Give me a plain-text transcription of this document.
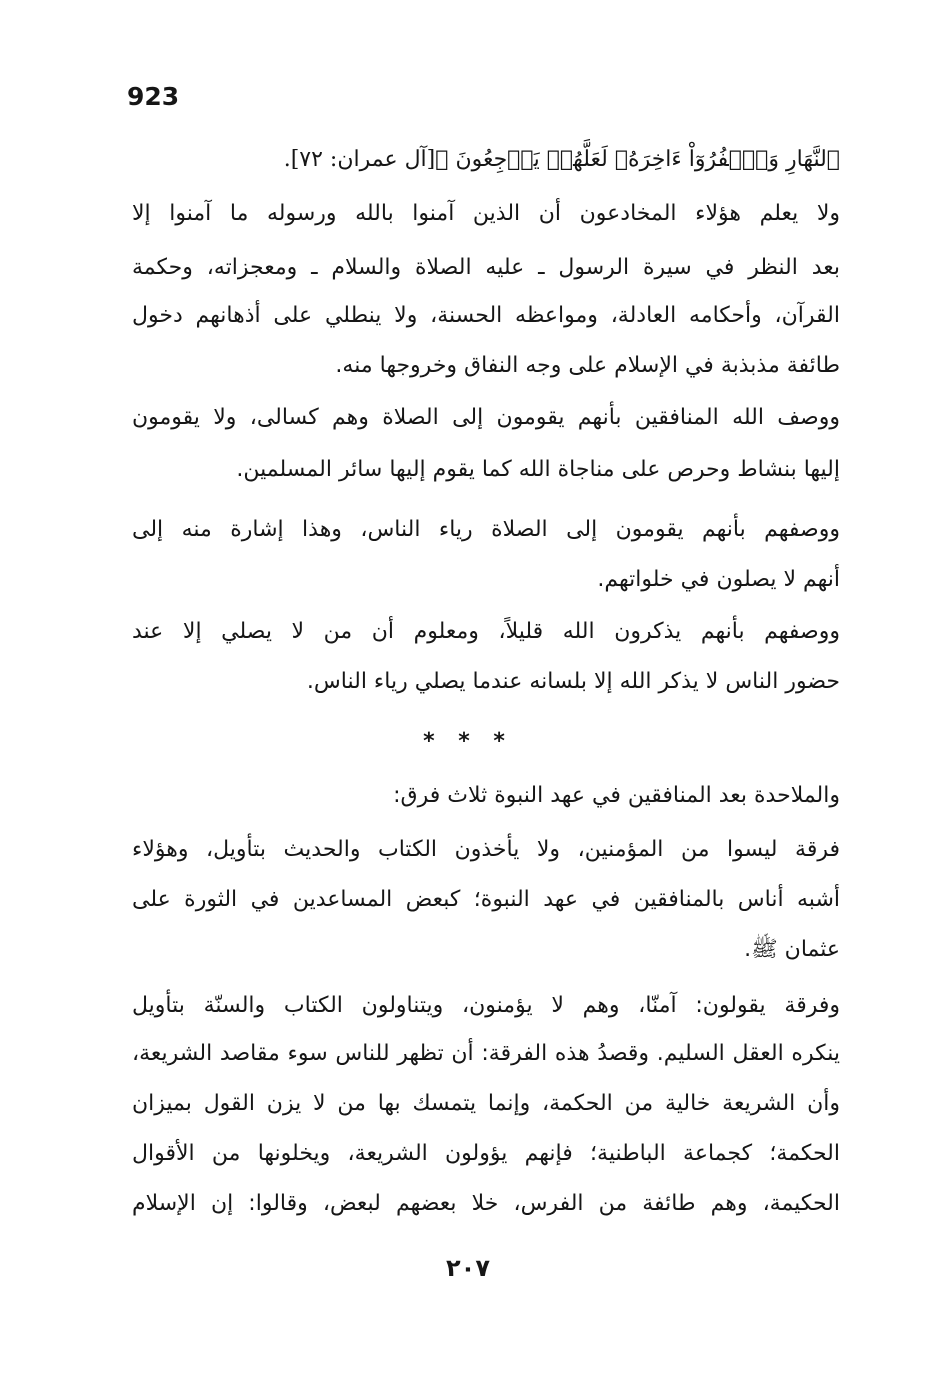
923
ﭐﻟﻨَّﻬَﺎﺭِ ﻭَﭐﻛۡﻔُﺮُﻭٓﺍْ ﺀَﺍﺧِﺮَﻩُۥ ﻟَﻌَﻠَّﻬُﻢۡ ﻳَﺮۡﺟِﻌُﻮﻥَ ﴾[آل عمران: ٧٢].
ولا يعلم هؤلاء المخادعون أن الذين آمنوا بالله ورسوله ما آمنوا إلا
بعد النظر في سيرة الرسول ـ عليه الصلاة والسلام ـ ومعجزاته، وحكمة
القرآن، وأحكامه العادلة، ومواعظه الحسنة، ولا ينطلي على أذهانهم دخول
طائفة مذبذبة في الإسلام على وجه النفاق وخروجها منه.
ووصف الله المنافقين بأنهم يقومون إلى الصلاة وهم كسالى، ولا يقومون
إليها بنشاط وحرص على مناجاة الله كما يقوم إليها سائر المسلمين.
ووصفهم بأنهم يقومون إلى الصلاة رياء الناس، وهذا إشارة منه إلى
أنهم لا يصلون في خلواتهم.
ووصفهم بأنهم يذكرون الله قليلاً، ومعلوم أن من لا يصلي إلا عند
حضور الناس لا يذكر الله إلا بلسانه عندما يصلي رياء الناس.
والملاحدة بعد المنافقين في عهد النبوة ثلاث فرق:
فرقة ليسوا من المؤمنين، ولا يأخذون الكتاب والحديث بتأويل، وهؤلاء
أشبه أناس بالمنافقين في عهد النبوة؛ كبعض المساعدين في الثورة على
عثمان ﷺ.
وفرقة يقولون: آمنّا، وهم لا يؤمنون، ويتناولون الكتاب والسنّة بتأويل
ينكره العقل السليم. وقصدُ هذه الفرقة: أن تظهر للناس سوء مقاصد الشريعة،
وأن الشريعة خالية من الحكمة، وإنما يتمسك بها من لا يزن القول بميزان
الحكمة؛ كجماعة الباطنية؛ فإنهم يؤولون الشريعة، ويخلونها من الأقوال
الحكيمة، وهم طائفة من الفرس، خلا بعضهم لبعض، وقالوا: إن الإسلام
* * *
٢٠٧
